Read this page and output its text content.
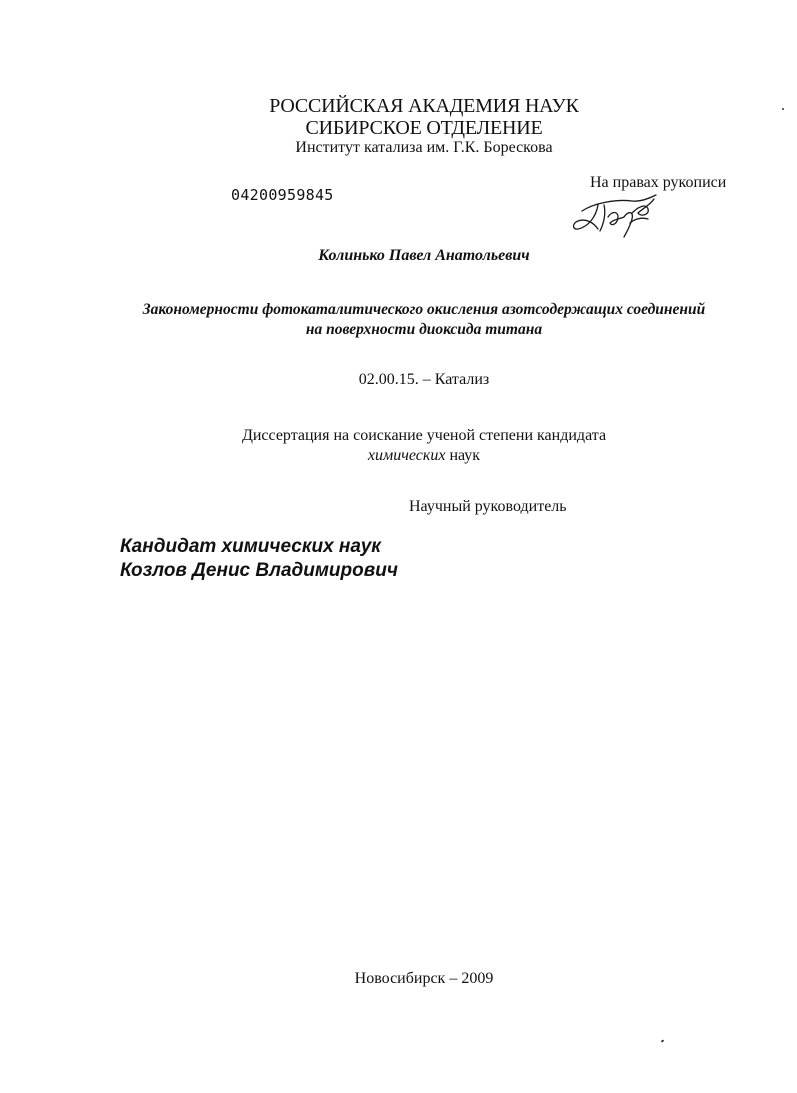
РОССИЙСКАЯ АКАДЕМИЯ НАУК
СИБИРСКОЕ ОТДЕЛЕНИЕ
Институт катализа им. Г.К. Борескова
04200959845
На правах рукописи
Колинько Павел Анатольевич
Закономерности фотокаталитического окисления азотсодержащих соединений
на поверхности диоксида титана
02.00.15. – Катализ
Диссертация на соискание ученой степени кандидата
химических наук
Научный руководитель
Кандидат химических наук
Козлов Денис Владимирович
Новосибирск – 2009
